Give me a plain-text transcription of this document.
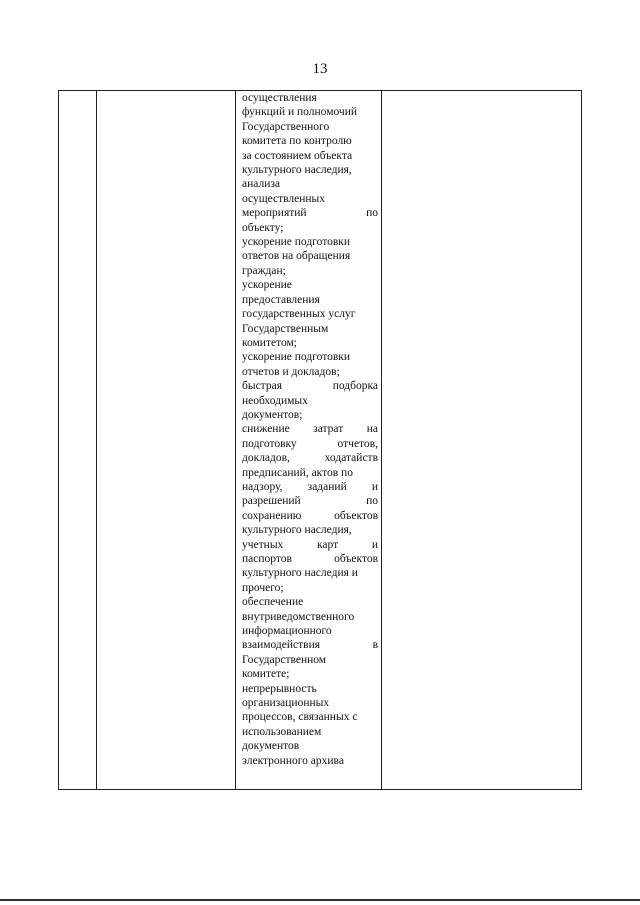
13
осуществления
функций и полномочий
Государственного
комитета по контролю
за состоянием объекта
культурного наследия,
анализа
осуществленных
мероприятий	по
объекту;
ускорение подготовки
ответов на обращения
граждан;
ускорение
предоставления
государственных услуг
Государственным
комитетом;
ускорение подготовки
отчетов и докладов;
быстрая	подборка
необходимых
документов;
снижение затрат на
подготовку	отчетов,
докладов,	ходатайств
предписаний, актов по
надзору, заданий и
разрешений	по
сохранению	объектов
культурного наследия,
учетных	карт	и
паспортов	объектов
культурного наследия и
прочего;
обеспечение
внутриведомственного
информационного
взаимодействия	в
Государственном
комитете;
непрерывность
организационных
процессов, связанных с
использованием
документов
электронного архива
